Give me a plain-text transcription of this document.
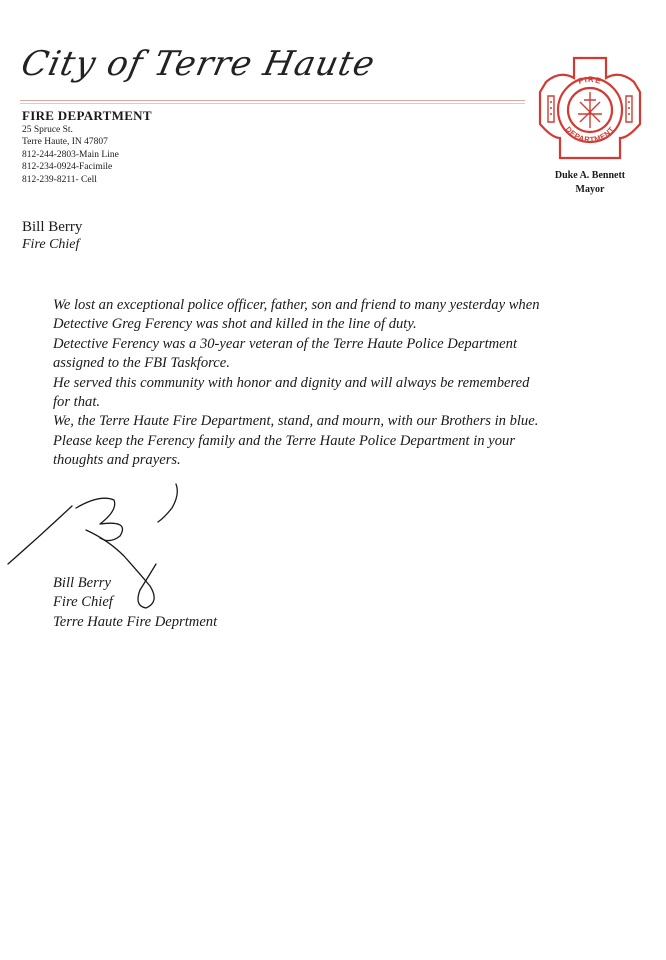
City of Terre Haute
FIRE DEPARTMENT
25 Spruce St.
Terre Haute, IN 47807
812-244-2803-Main Line
812-234-0924-Facimile
812-239-8211- Cell
FIRE
DEPARTMENT
Duke A. Bennett
Mayor
Bill Berry
Fire Chief
We lost an exceptional police officer, father, son and friend to many yesterday when
Detective Greg Ferency was shot and killed in the line of duty.
Detective Ferency was a 30-year veteran of the Terre Haute Police Department
assigned to the FBI Taskforce.
He served this community with honor and dignity and will always be remembered
for that.
We, the Terre Haute Fire Department, stand, and mourn, with our Brothers in blue.
Please keep the Ferency family and the Terre Haute Police Department in your
thoughts and prayers.
Bill Berry
Fire Chief
Terre Haute Fire Deprtment
